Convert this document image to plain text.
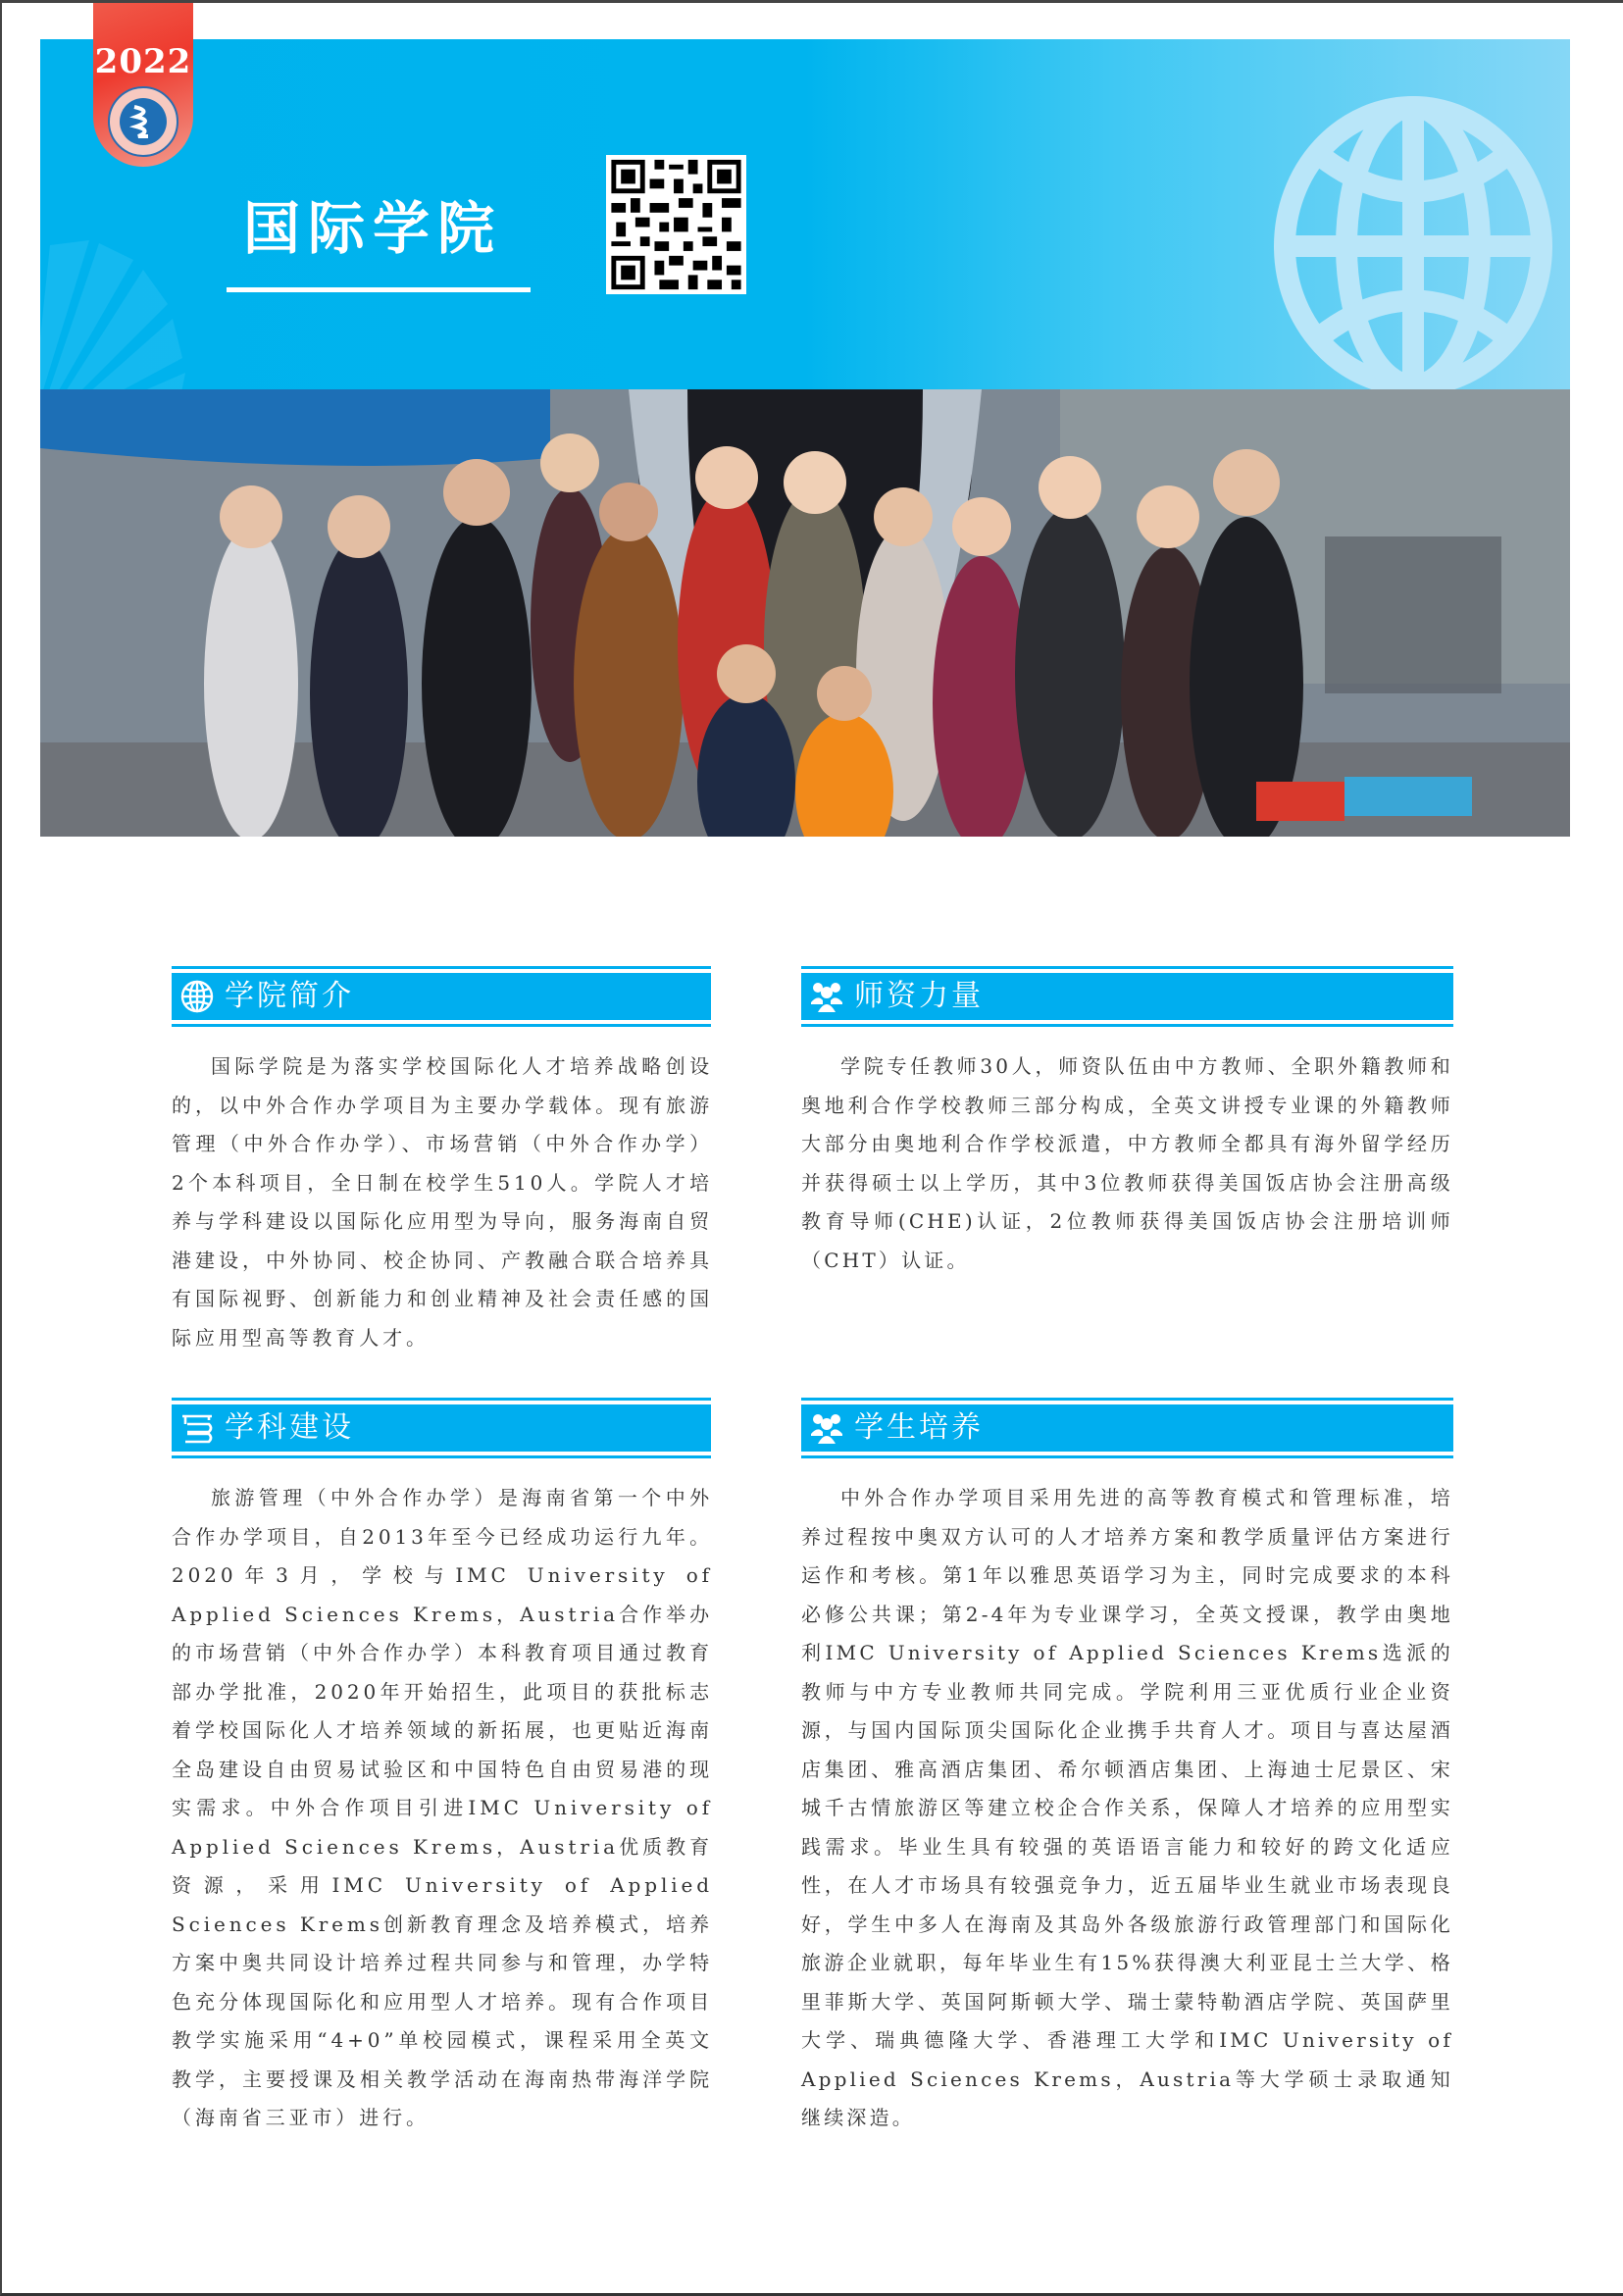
2022
国际学院
学院简介

国际学院是为落实学校国际化人才培养战略创设的，以中外合作办学项目为主要办学载体。现有旅游管理（中外合作办学）、市场营销（中外合作办学）2个本科项目，全日制在校学生510人。学院人才培养与学科建设以国际化应用型为导向，服务海南自贸港建设，中外协同、校企协同、产教融合联合培养具有国际视野、创新能力和创业精神及社会责任感的国际应用型高等教育人才。

师资力量

学院专任教师30人，师资队伍由中方教师、全职外籍教师和奥地利合作学校教师三部分构成，全英文讲授专业课的外籍教师大部分由奥地利合作学校派遣，中方教师全都具有海外留学经历并获得硕士以上学历，其中3位教师获得美国饭店协会注册高级教育导师(CHE)认证，2位教师获得美国饭店协会注册培训师（CHT）认证。

学科建设

旅游管理（中外合作办学）是海南省第一个中外合作办学项目，自2013年至今已经成功运行九年。2020年3月，学校与IMC University of Applied Sciences Krems，Austria合作举办的市场营销（中外合作办学）本科教育项目通过教育部办学批准，2020年开始招生，此项目的获批标志着学校国际化人才培养领域的新拓展，也更贴近海南全岛建设自由贸易试验区和中国特色自由贸易港的现实需求。中外合作项目引进IMC University of Applied Sciences Krems，Austria优质教育资源，采用IMC University of Applied Sciences Krems创新教育理念及培养模式，培养方案中奥共同设计培养过程共同参与和管理，办学特色充分体现国际化和应用型人才培养。现有合作项目教学实施采用“4+0”单校园模式，课程采用全英文教学，主要授课及相关教学活动在海南热带海洋学院（海南省三亚市）进行。

学生培养

中外合作办学项目采用先进的高等教育模式和管理标准，培养过程按中奥双方认可的人才培养方案和教学质量评估方案进行运作和考核。第1年以雅思英语学习为主，同时完成要求的本科必修公共课；第2-4年为专业课学习，全英文授课，教学由奥地利IMC University of Applied Sciences Krems选派的教师与中方专业教师共同完成。学院利用三亚优质行业企业资源，与国内国际顶尖国际化企业携手共育人才。项目与喜达屋酒店集团、雅高酒店集团、希尔顿酒店集团、上海迪士尼景区、宋城千古情旅游区等建立校企合作关系，保障人才培养的应用型实践需求。毕业生具有较强的英语语言能力和较好的跨文化适应性，在人才市场具有较强竞争力，近五届毕业生就业市场表现良好，学生中多人在海南及其岛外各级旅游行政管理部门和国际化旅游企业就职，每年毕业生有15%获得澳大利亚昆士兰大学、格里菲斯大学、英国阿斯顿大学、瑞士蒙特勒酒店学院、英国萨里大学、瑞典德隆大学、香港理工大学和IMC University of Applied Sciences Krems，Austria等大学硕士录取通知继续深造。
